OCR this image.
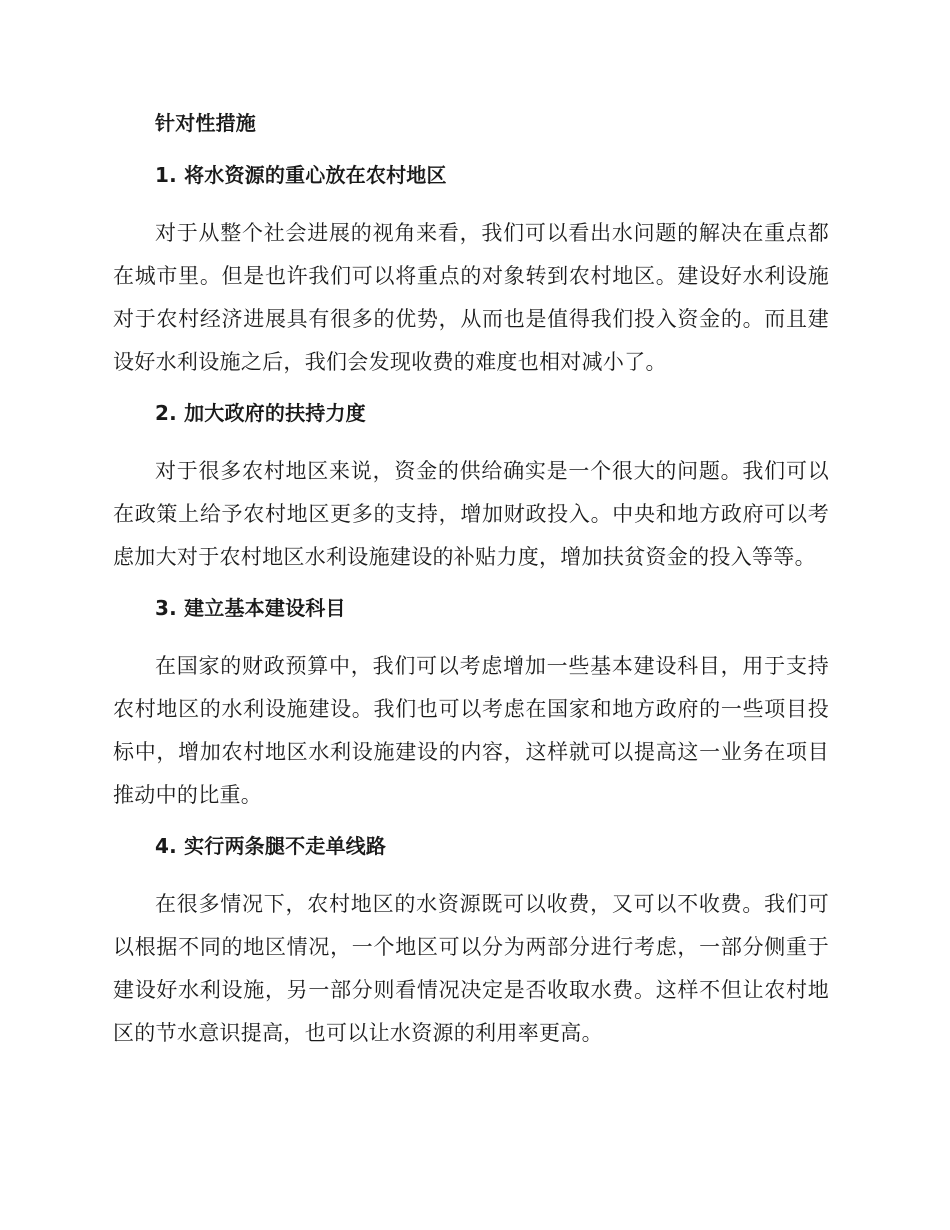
针对性措施
1. 将水资源的重心放在农村地区

对于从整个社会进展的视角来看，我们可以看出水问题的解决在重点都在城市里。但是也许我们可以将重点的对象转到农村地区。建设好水利设施对于农村经济进展具有很多的优势，从而也是值得我们投入资金的。而且建设好水利设施之后，我们会发现收费的难度也相对减小了。

2. 加大政府的扶持力度

对于很多农村地区来说，资金的供给确实是一个很大的问题。我们可以在政策上给予农村地区更多的支持，增加财政投入。中央和地方政府可以考虑加大对于农村地区水利设施建设的补贴力度，增加扶贫资金的投入等等。

3. 建立基本建设科目

在国家的财政预算中，我们可以考虑增加一些基本建设科目，用于支持农村地区的水利设施建设。我们也可以考虑在国家和地方政府的一些项目投标中，增加农村地区水利设施建设的内容，这样就可以提高这一业务在项目推动中的比重。

4. 实行两条腿不走单线路

在很多情况下，农村地区的水资源既可以收费，又可以不收费。我们可以根据不同的地区情况，一个地区可以分为两部分进行考虑，一部分侧重于建设好水利设施，另一部分则看情况决定是否收取水费。这样不但让农村地区的节水意识提高，也可以让水资源的利用率更高。
